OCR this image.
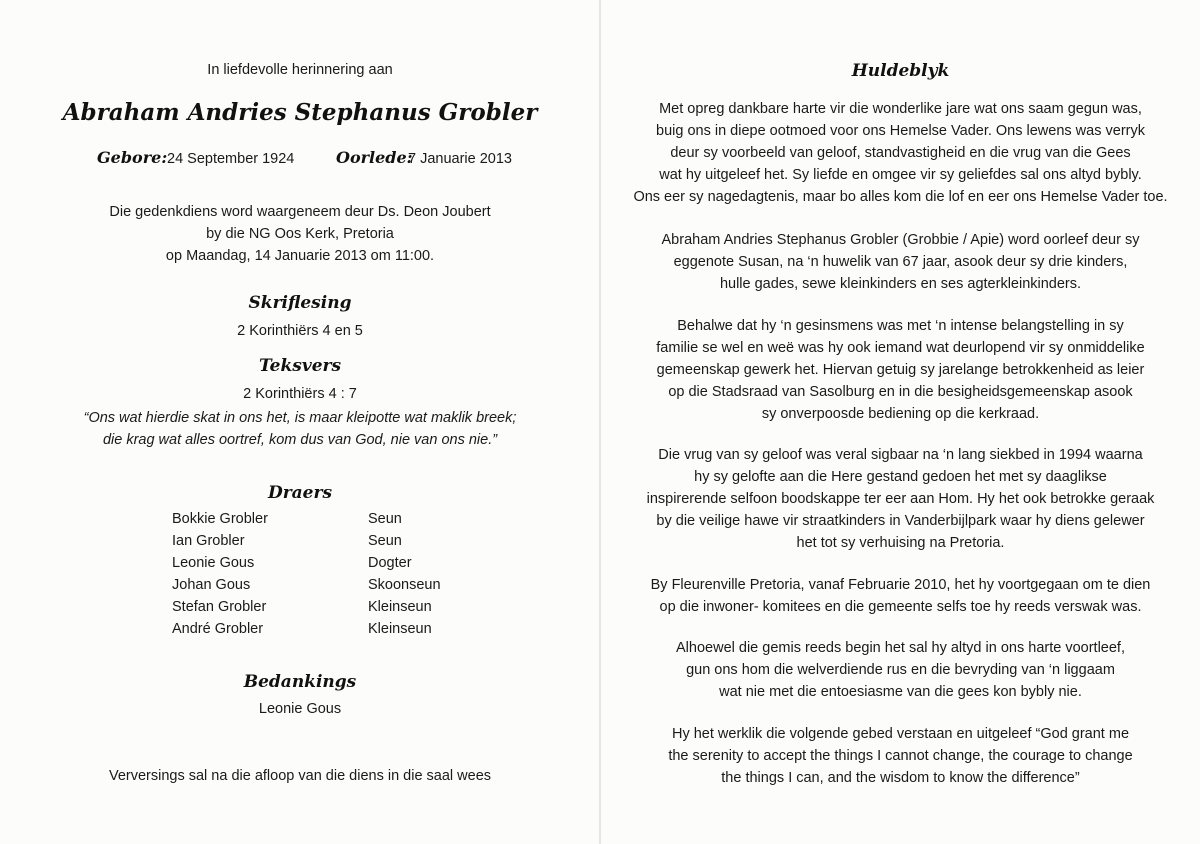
In liefdevolle herinnering aan
Abraham Andries Stephanus Grobler
Gebore: 24 September 1924	Oorlede:
7 Januarie 2013
Die gedenkdiens word waargeneem deur Ds. Deon Joubert
by die NG Oos Kerk, Pretoria
op Maandag, 14 Januarie 2013 om 11:00.
Skriflesing
2 Korinthiërs 4 en 5
Teksvers
2 Korinthiërs 4 : 7
“Ons wat hierdie skat in ons het, is maar kleipotte wat maklik breek;
die krag wat alles oortref, kom dus van God, nie van ons nie.”
Draers
Bokkie Grobler	Seun
Ian Grobler	Seun
Leonie Gous	Dogter
Johan Gous	Skoonseun
Stefan Grobler	Kleinseun
André Grobler	Kleinseun
Bedankings
Leonie Gous
Verversings sal na die afloop van die diens in die saal wees
Huldeblyk
Met opreg dankbare harte vir die wonderlike jare wat ons saam gegun was,
buig ons in diepe ootmoed voor ons Hemelse Vader. Ons lewens was verryk
deur sy voorbeeld van geloof, standvastigheid en die vrug van die Gees
wat hy uitgeleef het. Sy liefde en omgee vir sy geliefdes sal ons altyd bybly.
Ons eer sy nagedagtenis, maar bo alles kom die lof en eer ons Hemelse Vader toe.
Abraham Andries Stephanus Grobler (Grobbie / Apie) word oorleef deur sy
eggenote Susan, na ‘n huwelik van 67 jaar, asook deur sy drie kinders,
hulle gades, sewe kleinkinders en ses agterkleinkinders.
Behalwe dat hy ‘n gesinsmens was met ‘n intense belangstelling in sy
familie se wel en weë was hy ook iemand wat deurlopend vir sy onmiddelike
gemeenskap gewerk het. Hiervan getuig sy jarelange betrokkenheid as leier
op die Stadsraad van Sasolburg en in die besigheidsgemeenskap asook
sy onverpoosde bediening op die kerkraad.
Die vrug van sy geloof was veral sigbaar na ‘n lang siekbed in 1994 waarna
hy sy gelofte aan die Here gestand gedoen het met sy daaglikse
inspirerende selfoon boodskappe ter eer aan Hom. Hy het ook betrokke geraak
by die veilige hawe vir straatkinders in Vanderbijlpark waar hy diens gelewer
het tot sy verhuising na Pretoria.
By Fleurenville Pretoria, vanaf Februarie 2010, het hy voortgegaan om te dien
op die inwoner- komitees en die gemeente selfs toe hy reeds verswak was.
Alhoewel die gemis reeds begin het sal hy altyd in ons harte voortleef,
gun ons hom die welverdiende rus en die bevryding van ‘n liggaam
wat nie met die entoesiasme van die gees kon bybly nie.
Hy het werklik die volgende gebed verstaan en uitgeleef “God grant me
the serenity to accept the things I cannot change, the courage to change
the things I can, and the wisdom to know the difference”
